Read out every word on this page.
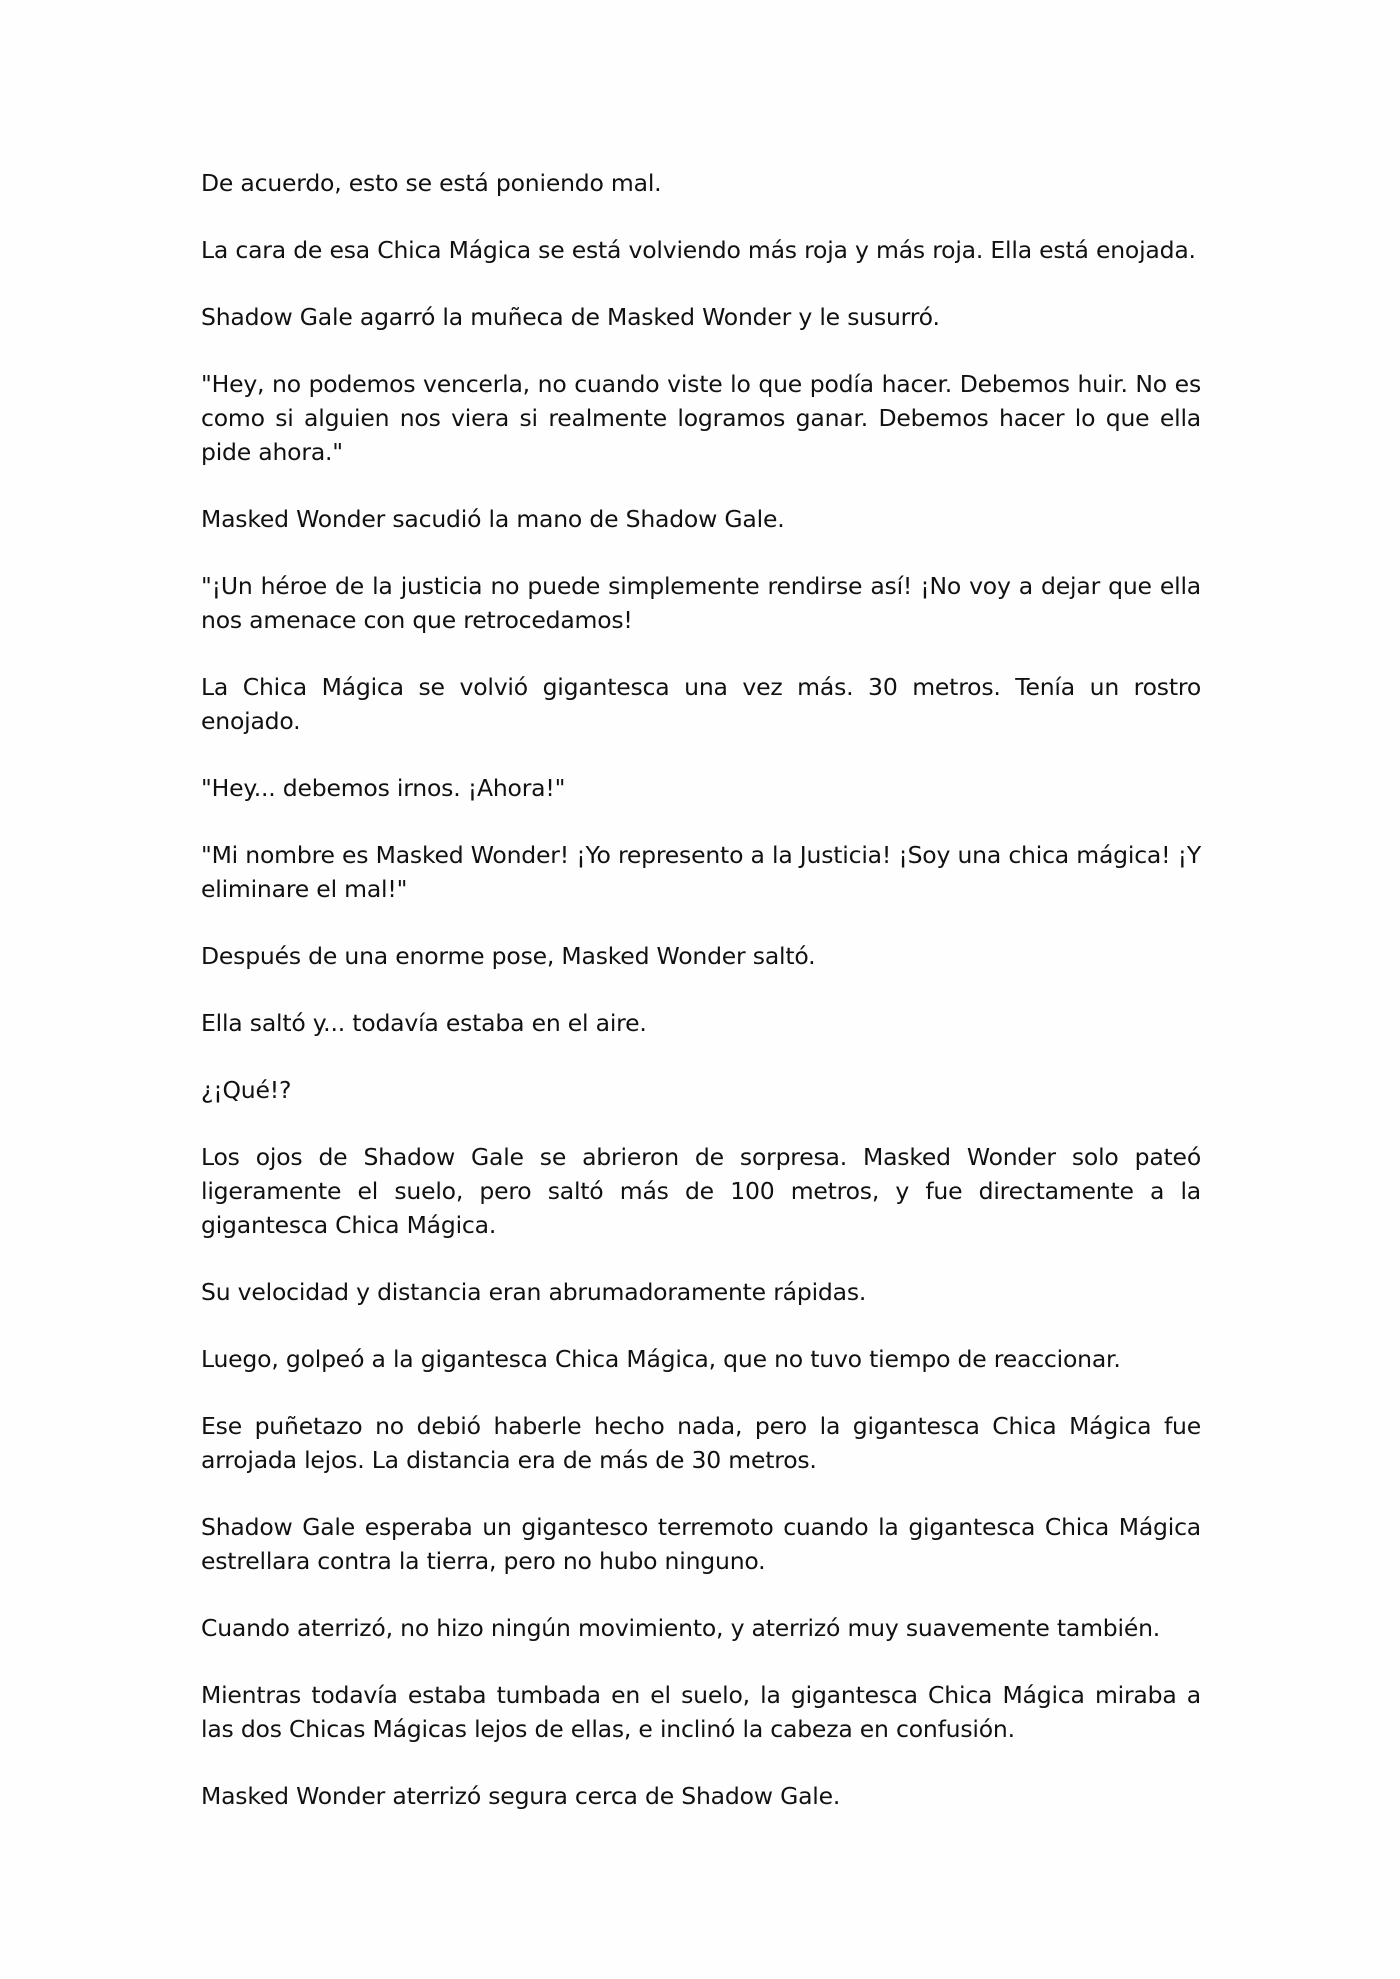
De acuerdo, esto se está poniendo mal.

La cara de esa Chica Mágica se está volviendo más roja y más roja. Ella está enojada.

Shadow Gale agarró la muñeca de Masked Wonder y le susurró.

"Hey, no podemos vencerla, no cuando viste lo que podía hacer. Debemos huir. No es como si alguien nos viera si realmente logramos ganar. Debemos hacer lo que ella pide ahora."

Masked Wonder sacudió la mano de Shadow Gale.

"¡Un héroe de la justicia no puede simplemente rendirse así! ¡No voy a dejar que ella nos amenace con que retrocedamos!

La Chica Mágica se volvió gigantesca una vez más. 30 metros. Tenía un rostro enojado.

"Hey... debemos irnos. ¡Ahora!"

"Mi nombre es Masked Wonder! ¡Yo represento a la Justicia! ¡Soy una chica mágica! ¡Y eliminare el mal!"

Después de una enorme pose, Masked Wonder saltó.

Ella saltó y... todavía estaba en el aire.

¿¡Qué!?

Los ojos de Shadow Gale se abrieron de sorpresa. Masked Wonder solo pateó ligeramente el suelo, pero saltó más de 100 metros, y fue directamente a la gigantesca Chica Mágica.

Su velocidad y distancia eran abrumadoramente rápidas.

Luego, golpeó a la gigantesca Chica Mágica, que no tuvo tiempo de reaccionar.

Ese puñetazo no debió haberle hecho nada, pero la gigantesca Chica Mágica fue arrojada lejos. La distancia era de más de 30 metros.

Shadow Gale esperaba un gigantesco terremoto cuando la gigantesca Chica Mágica estrellara contra la tierra, pero no hubo ninguno.

Cuando aterrizó, no hizo ningún movimiento, y aterrizó muy suavemente también.

Mientras todavía estaba tumbada en el suelo, la gigantesca Chica Mágica miraba a las dos Chicas Mágicas lejos de ellas, e inclinó la cabeza en confusión.

Masked Wonder aterrizó segura cerca de Shadow Gale.
